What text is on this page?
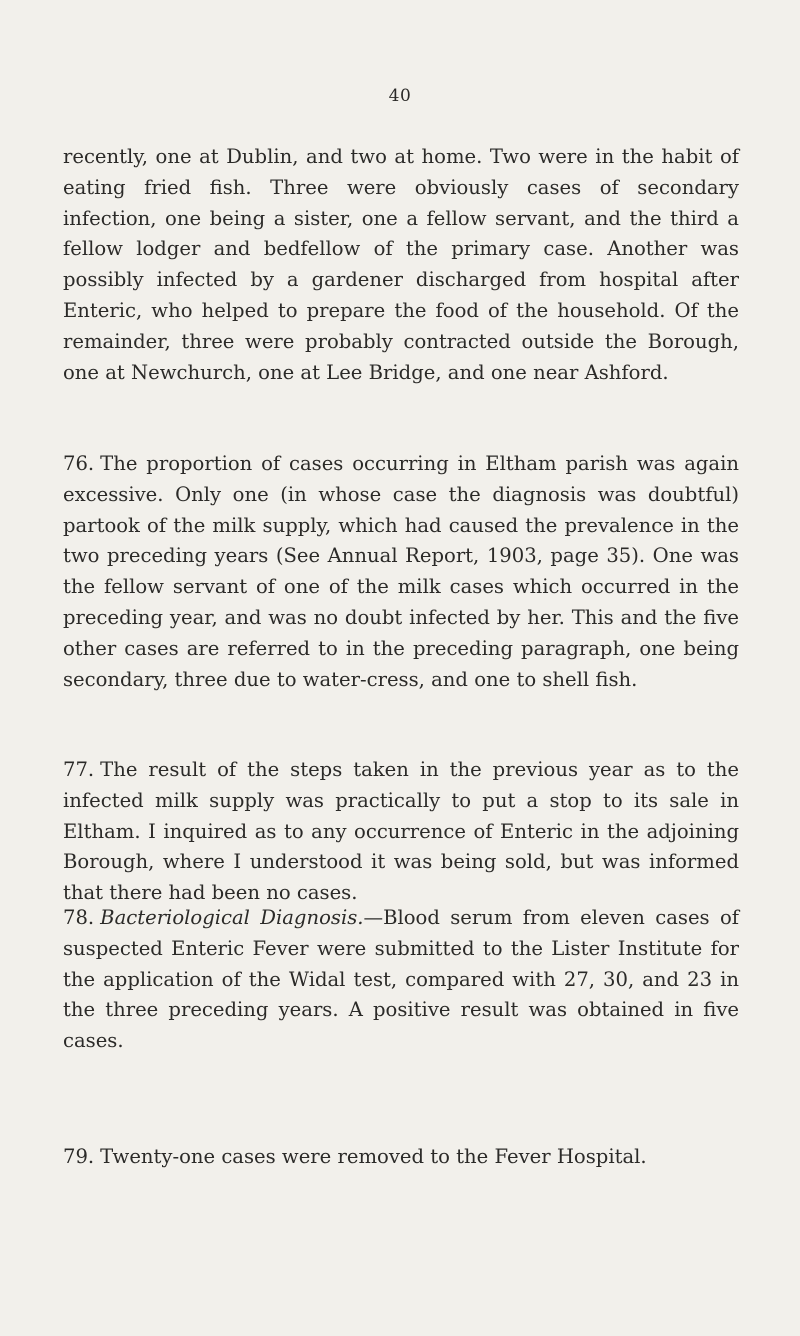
40
recently, one at Dublin, and two at home. Two were in the habit of eating fried fish. Three were obviously cases of secondary infection, one being a sister, one a fellow servant, and the third a fellow lodger and bedfellow of the primary case. Another was possibly infected by a gardener discharged from hospital after Enteric, who helped to prepare the food of the household. Of the remainder, three were probably contracted outside the Borough, one at Newchurch, one at Lee Bridge, and one near Ashford.
76. The proportion of cases occurring in Eltham parish was again excessive. Only one (in whose case the diagnosis was doubtful) partook of the milk supply, which had caused the prevalence in the two preceding years (See Annual Report, 1903, page 35). One was the fellow servant of one of the milk cases which occurred in the preceding year, and was no doubt infected by her. This and the five other cases are referred to in the preceding paragraph, one being secondary, three due to water-cress, and one to shell fish.
77. The result of the steps taken in the previous year as to the infected milk supply was practically to put a stop to its sale in Eltham. I inquired as to any occurrence of Enteric in the adjoining Borough, where I understood it was being sold, but was informed that there had been no cases.
78. Bacteriological Diagnosis.—Blood serum from eleven cases of suspected Enteric Fever were submitted to the Lister Institute for the application of the Widal test, compared with 27, 30, and 23 in the three preceding years. A positive result was obtained in five cases.
79. Twenty-one cases were removed to the Fever Hospital.
